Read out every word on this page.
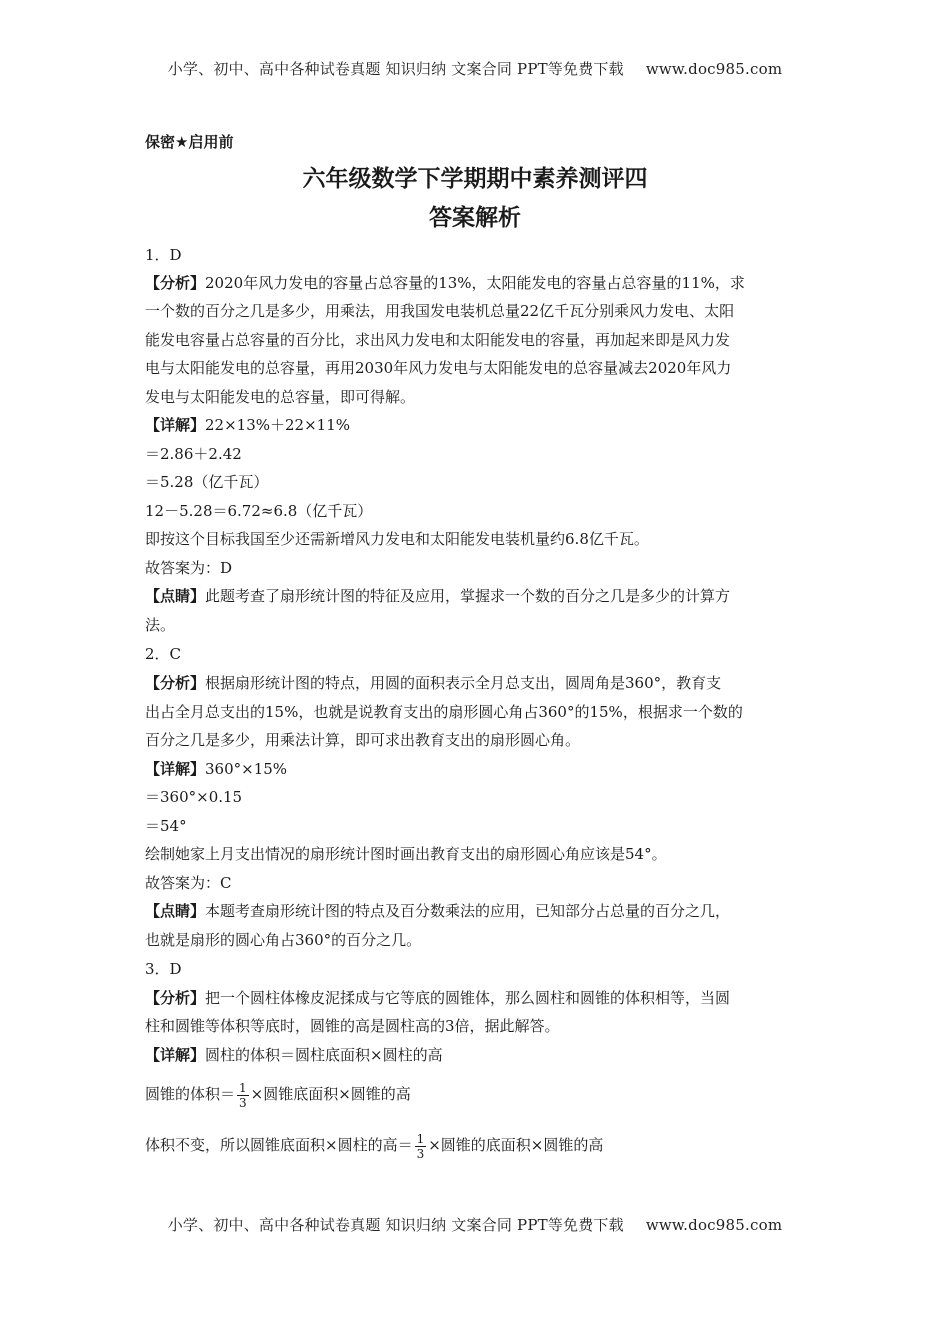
小学、初中、高中各种试卷真题 知识归纳 文案合同 PPT等免费下载 www.doc985.com
保密★启用前
六年级数学下学期期中素养测评四
答案解析
1．D
【分析】2020年风力发电的容量占总容量的13%，太阳能发电的容量占总容量的11%，求
一个数的百分之几是多少，用乘法，用我国发电装机总量22亿千瓦分别乘风力发电、太阳
能发电容量占总容量的百分比，求出风力发电和太阳能发电的容量，再加起来即是风力发
电与太阳能发电的总容量，再用2030年风力发电与太阳能发电的总容量减去2020年风力
发电与太阳能发电的总容量，即可得解。
【详解】22×13%＋22×11%
＝2.86＋2.42
＝5.28（亿千瓦）
12－5.28＝6.72≈6.8（亿千瓦）
即按这个目标我国至少还需新增风力发电和太阳能发电装机量约6.8亿千瓦。
故答案为：D
【点睛】此题考查了扇形统计图的特征及应用，掌握求一个数的百分之几是多少的计算方
法。
2．C
【分析】根据扇形统计图的特点，用圆的面积表示全月总支出，圆周角是360°，教育支
出占全月总支出的15%，也就是说教育支出的扇形圆心角占360°的15%，根据求一个数的
百分之几是多少，用乘法计算，即可求出教育支出的扇形圆心角。
【详解】360°×15%
＝360°×0.15
＝54°
绘制她家上月支出情况的扇形统计图时画出教育支出的扇形圆心角应该是54°。
故答案为：C
【点睛】本题考查扇形统计图的特点及百分数乘法的应用，已知部分占总量的百分之几，
也就是扇形的圆心角占360°的百分之几。
3．D
【分析】把一个圆柱体橡皮泥揉成与它等底的圆锥体，那么圆柱和圆锥的体积相等，当圆
柱和圆锥等体积等底时，圆锥的高是圆柱高的3倍，据此解答。
【详解】圆柱的体积＝圆柱底面积×圆柱的高
圆锥的体积＝ $\frac{1}{3}$ ×圆锥底面积×圆锥的高
体积不变，所以圆锥底面积×圆柱的高＝ $\frac{1}{3}$ ×圆锥的底面积×圆锥的高
小学、初中、高中各种试卷真题 知识归纳 文案合同 PPT等免费下载 www.doc985.com
